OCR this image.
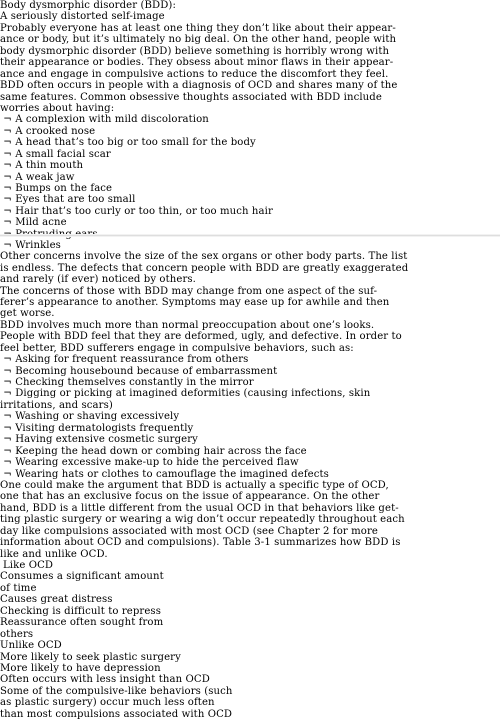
Body dysmorphic disorder (BDD):
A seriously distorted self-image
Probably everyone has at least one thing they don’t like about their appear-
ance or body, but it’s ultimately no big deal. On the other hand, people with
body dysmorphic disorder (BDD) believe something is horribly wrong with
their appearance or bodies. They obsess about minor flaws in their appear-
ance and engage in compulsive actions to reduce the discomfort they feel.
BDD often occurs in people with a diagnosis of OCD and shares many of the
same features. Common obsessive thoughts associated with BDD include
worries about having:
¬ A complexion with mild discoloration
¬ A crooked nose
¬ A head that’s too big or too small for the body
¬ A small facial scar
¬ A thin mouth
¬ A weak jaw
¬ Bumps on the face
¬ Eyes that are too small
¬ Hair that’s too curly or too thin, or too much hair
¬ Mild acne
¬ Wrinkles
Other concerns involve the size of the sex organs or other body parts. The list
is endless. The defects that concern people with BDD are greatly exaggerated
and rarely (if ever) noticed by others.
The concerns of those with BDD may change from one aspect of the suf-
ferer’s appearance to another. Symptoms may ease up for awhile and then
get worse.
BDD involves much more than normal preoccupation about one’s looks.
People with BDD feel that they are deformed, ugly, and defective. In order to
feel better, BDD sufferers engage in compulsive behaviors, such as:
¬ Asking for frequent reassurance from others
¬ Becoming housebound because of embarrassment
¬ Checking themselves constantly in the mirror
¬ Digging or picking at imagined deformities (causing infections, skin
irritations, and scars)
¬ Washing or shaving excessively
¬ Visiting dermatologists frequently
¬ Having extensive cosmetic surgery
¬ Keeping the head down or combing hair across the face
¬ Wearing excessive make-up to hide the perceived flaw
¬ Wearing hats or clothes to camouflage the imagined defects
One could make the argument that BDD is actually a specific type of OCD,
one that has an exclusive focus on the issue of appearance. On the other
hand, BDD is a little different from the usual OCD in that behaviors like get-
ting plastic surgery or wearing a wig don’t occur repeatedly throughout each
day like compulsions associated with most OCD (see Chapter 2 for more
information about OCD and compulsions). Table 3-1 summarizes how BDD is
like and unlike OCD.
Like OCD
Consumes a significant amount
of time
Causes great distress
Checking is difficult to repress
Reassurance often sought from
others
Unlike OCD
More likely to seek plastic surgery
More likely to have depression
Often occurs with less insight than OCD
Some of the compulsive-like behaviors (such
as plastic surgery) occur much less often
than most compulsions associated with OCD
